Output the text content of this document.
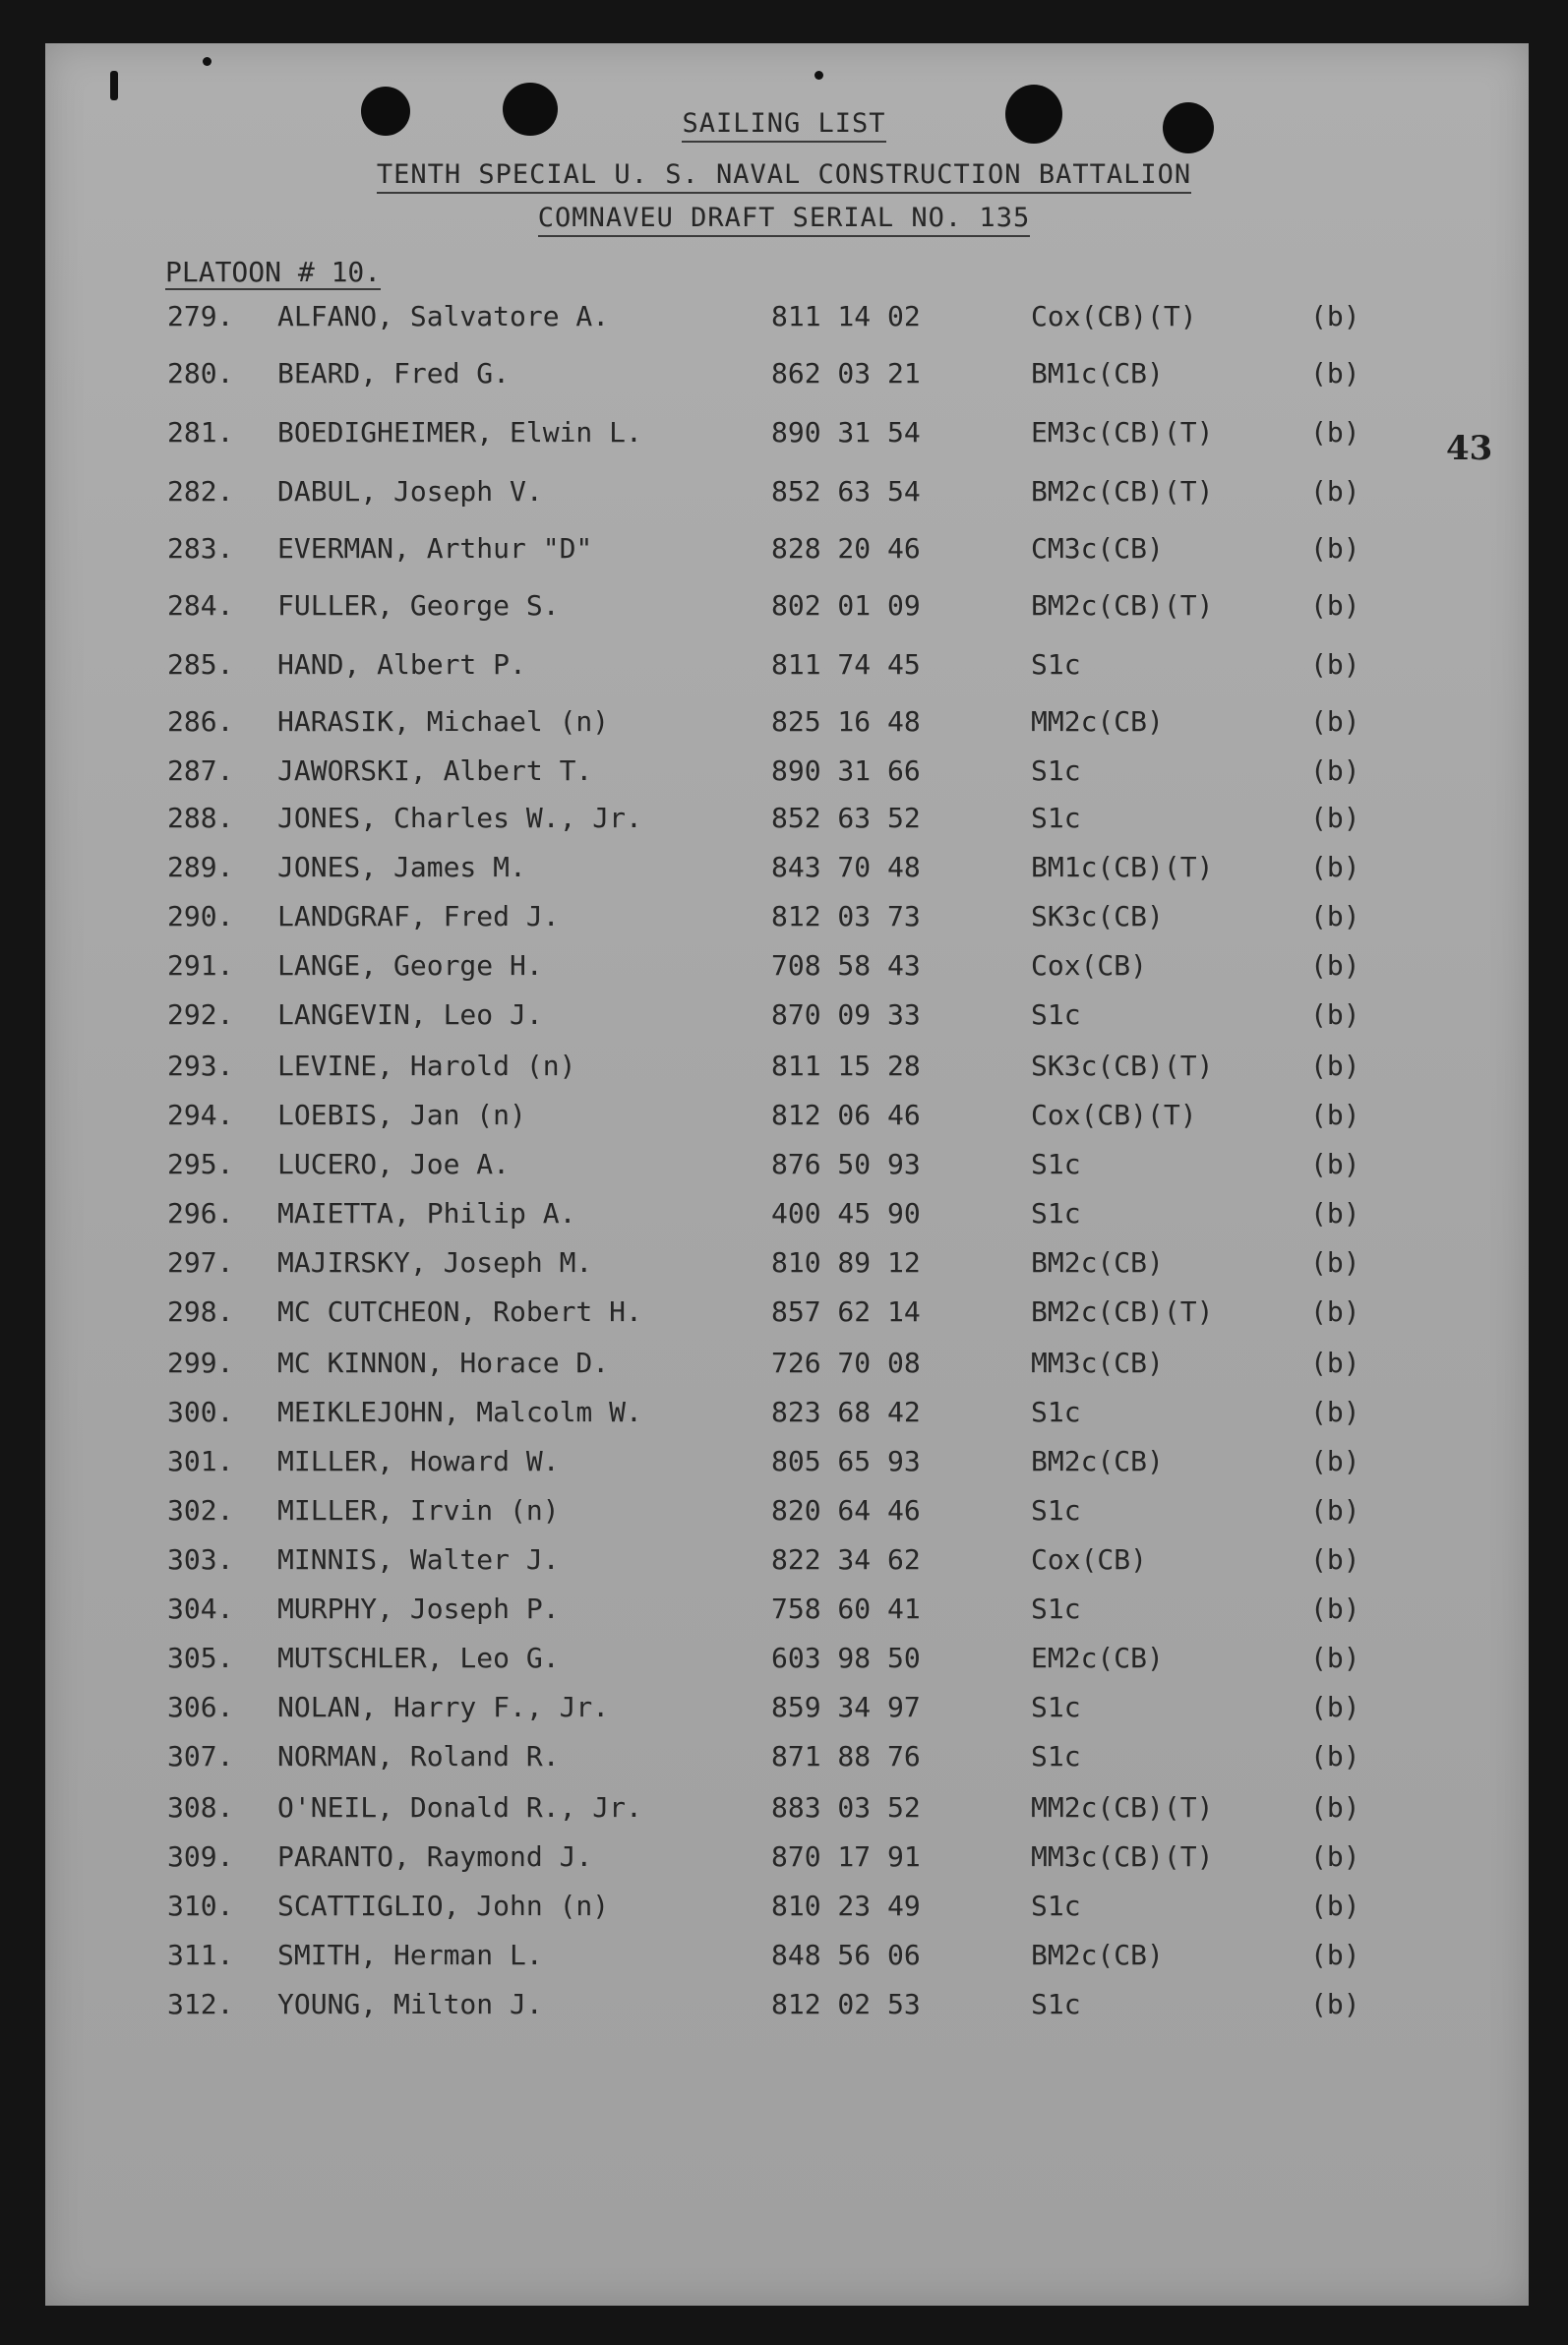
SAILING LIST
TENTH SPECIAL U. S. NAVAL CONSTRUCTION BATTALION
COMNAVEU DRAFT SERIAL NO. 135
PLATOON # 10.
43
279. ALFANO, Salvatore A.	811 14 02	Cox(CB)(T)	(b)
280. BEARD, Fred G.	862 03 21	BM1c(CB)	(b)
281. BOEDIGHEIMER, Elwin L.	890 31 54	EM3c(CB)(T)	(b)
282. DABUL, Joseph V.	852 63 54	BM2c(CB)(T)	(b)
283. EVERMAN, Arthur "D"	828 20 46	CM3c(CB)	(b)
284. FULLER, George S.	802 01 09	BM2c(CB)(T)	(b)
285. HAND, Albert P.	811 74 45	S1c	(b)
286. HARASIK, Michael (n)	825 16 48	MM2c(CB)	(b)
287. JAWORSKI, Albert T.	890 31 66	S1c	(b)
288. JONES, Charles W., Jr.	852 63 52	S1c	(b)
289. JONES, James M.	843 70 48	BM1c(CB)(T)	(b)
290. LANDGRAF, Fred J.	812 03 73	SK3c(CB)	(b)
291. LANGE, George H.	708 58 43	Cox(CB)	(b)
292. LANGEVIN, Leo J.	870 09 33	S1c	(b)
293. LEVINE, Harold (n)	811 15 28	SK3c(CB)(T)	(b)
294. LOEBIS, Jan (n)	812 06 46	Cox(CB)(T)	(b)
295. LUCERO, Joe A.	876 50 93	S1c	(b)
296. MAIETTA, Philip A.	400 45 90	S1c	(b)
297. MAJIRSKY, Joseph M.	810 89 12	BM2c(CB)	(b)
298. MC CUTCHEON, Robert H.	857 62 14	BM2c(CB)(T)	(b)
299. MC KINNON, Horace D.	726 70 08	MM3c(CB)	(b)
300. MEIKLEJOHN, Malcolm W.	823 68 42	S1c	(b)
301. MILLER, Howard W.	805 65 93	BM2c(CB)	(b)
302. MILLER, Irvin (n)	820 64 46	S1c	(b)
303. MINNIS, Walter J.	822 34 62	Cox(CB)	(b)
304. MURPHY, Joseph P.	758 60 41	S1c	(b)
305. MUTSCHLER, Leo G.	603 98 50	EM2c(CB)	(b)
306. NOLAN, Harry F., Jr.	859 34 97	S1c	(b)
307. NORMAN, Roland R.	871 88 76	S1c	(b)
308. O'NEIL, Donald R., Jr.	883 03 52	MM2c(CB)(T)	(b)
309. PARANTO, Raymond J.	870 17 91	MM3c(CB)(T)	(b)
310. SCATTIGLIO, John (n)	810 23 49	S1c	(b)
311. SMITH, Herman L.	848 56 06	BM2c(CB)	(b)
312. YOUNG, Milton J.	812 02 53	S1c	(b)
